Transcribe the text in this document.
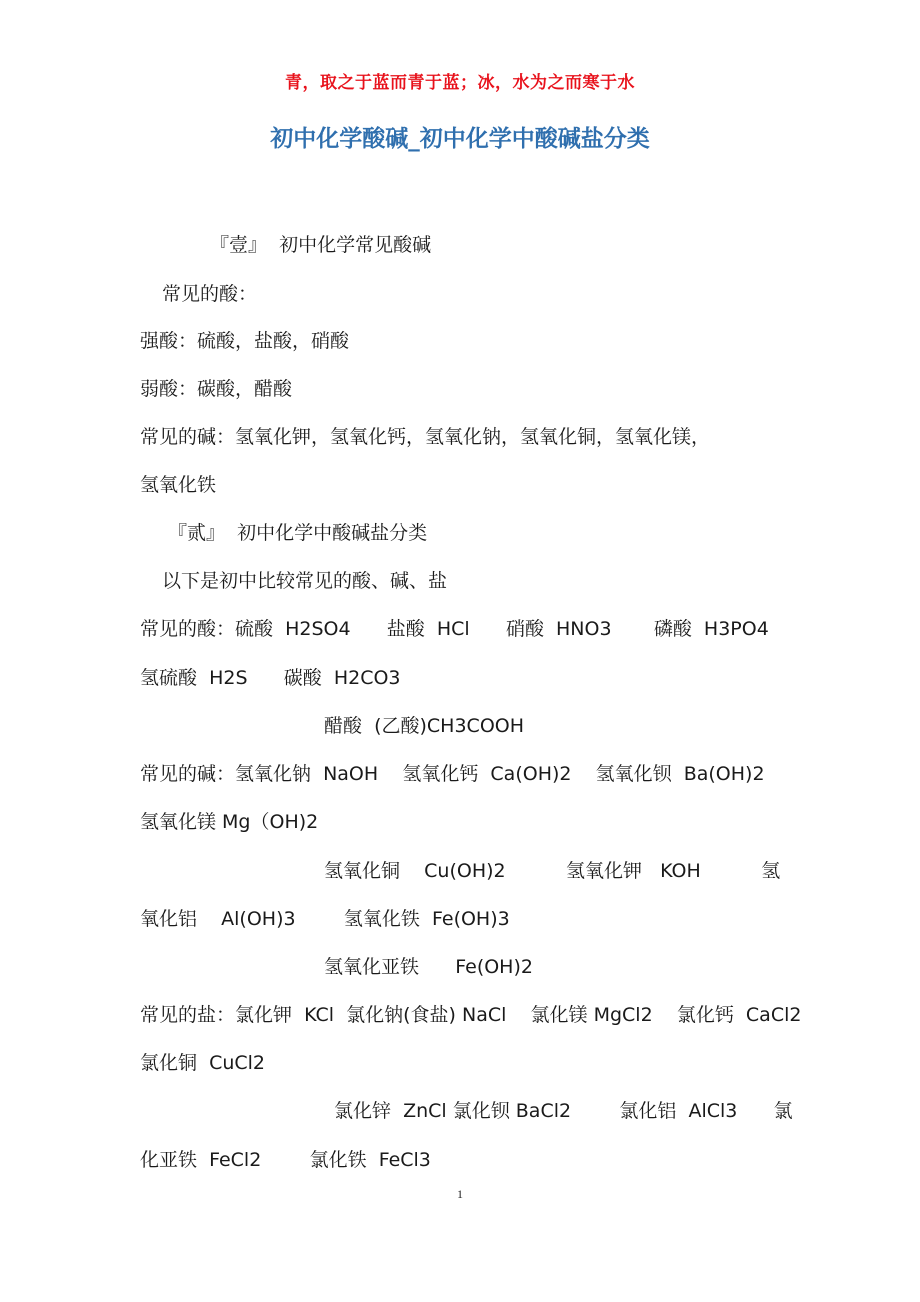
青，取之于蓝而青于蓝；冰，水为之而寒于水
初中化学酸碱_初中化学中酸碱盐分类
『壹』  初中化学常见酸碱
常见的酸：
强酸：硫酸，盐酸，硝酸
弱酸：碳酸，醋酸
常见的碱：氢氧化钾，氢氧化钙，氢氧化钠，氢氧化铜，氢氧化镁，
氢氧化铁
『贰』  初中化学中酸碱盐分类
以下是初中比较常见的酸、碱、盐
常见的酸：硫酸  H2SO4      盐酸  HCl      硝酸  HNO3       磷酸  H3PO4
氢硫酸  H2S      碳酸  H2CO3
醋酸  (乙酸)CH3COOH
常见的碱：氢氧化钠  NaOH    氢氧化钙  Ca(OH)2    氢氧化钡  Ba(OH)2
氢氧化镁 Mg（OH)2
氢氧化铜    Cu(OH)2          氢氧化钾   KOH          氢
氧化铝    Al(OH)3        氢氧化铁  Fe(OH)3
氢氧化亚铁      Fe(OH)2
常见的盐：氯化钾  KCl  氯化钠(食盐) NaCl    氯化镁 MgCl2    氯化钙  CaCl2
氯化铜  CuCl2
氯化锌  ZnCl 氯化钡 BaCl2        氯化铝  AlCl3      氯
化亚铁  FeCl2        氯化铁  FeCl3
1
